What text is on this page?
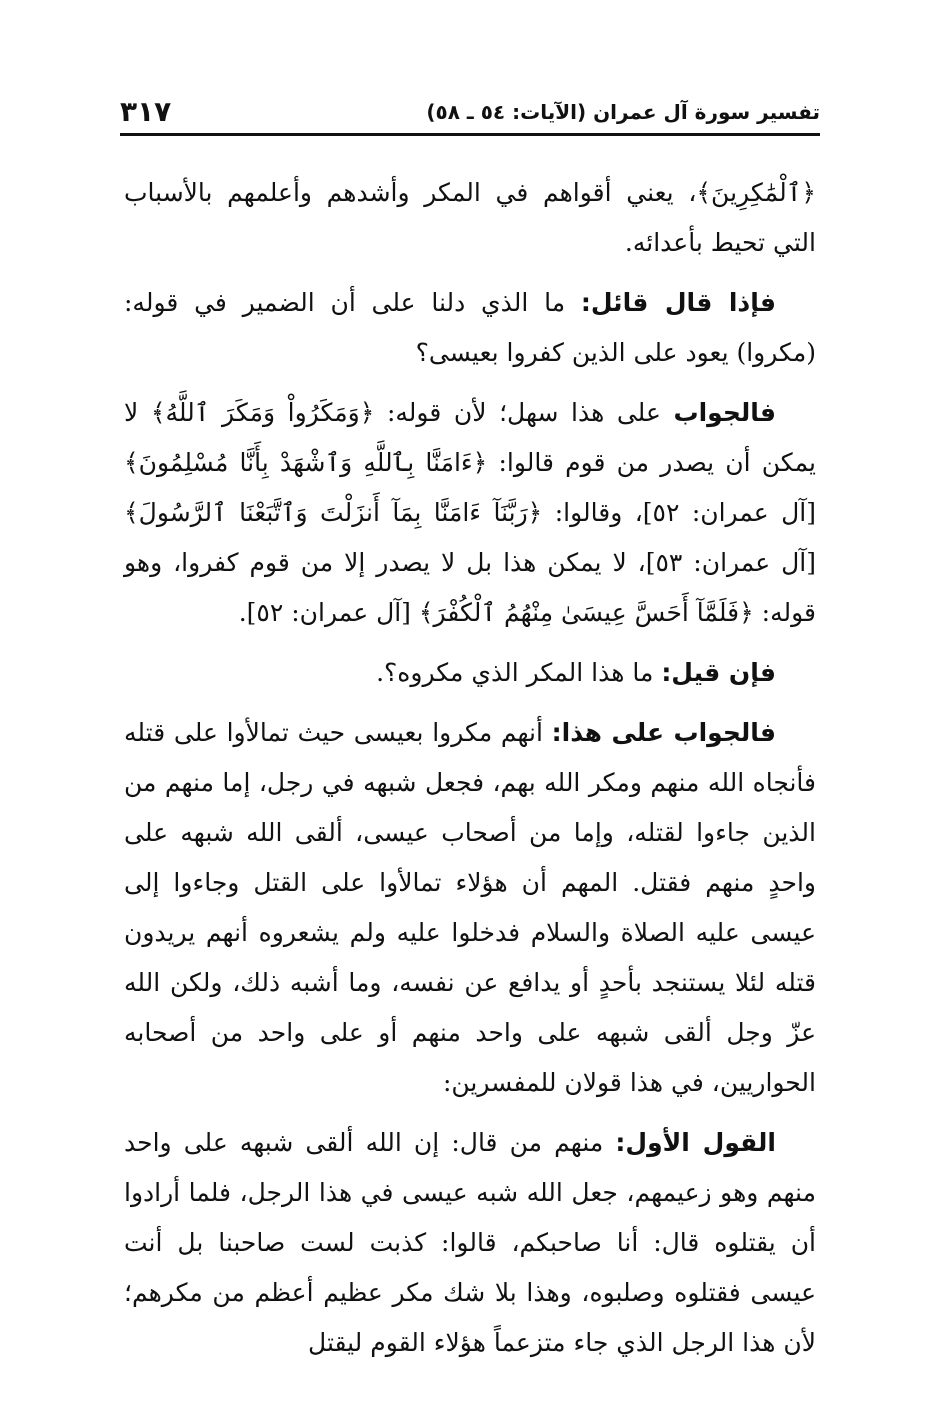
تفسير سورة آل عمران (الآيات: ٥٤ ـ ٥٨)
٣١٧

﴿ٱلْمَٰكِرِينَ﴾، يعني أقواهم في المكر وأشدهم وأعلمهم بالأسباب التي تحيط بأعدائه.

فإذا قال قائل: ما الذي دلنا على أن الضمير في قوله: (مكروا) يعود على الذين كفروا بعيسى؟

فالجواب على هذا سهل؛ لأن قوله: ﴿وَمَكَرُواْ وَمَكَرَ ٱللَّهُ﴾ لا يمكن أن يصدر من قوم قالوا: ﴿ءَامَنَّا بِٱللَّهِ وَٱشْهَدْ بِأَنَّا مُسْلِمُونَ﴾ [آل عمران: ٥٢]، وقالوا: ﴿رَبَّنَآ ءَامَنَّا بِمَآ أَنزَلْتَ وَٱتَّبَعْنَا ٱلرَّسُولَ﴾ [آل عمران: ٥٣]، لا يمكن هذا بل لا يصدر إلا من قوم كفروا، وهو قوله: ﴿فَلَمَّآ أَحَسَّ عِيسَىٰ مِنْهُمُ ٱلْكُفْرَ﴾ [آل عمران: ٥٢].

فإن قيل: ما هذا المكر الذي مكروه؟.

فالجواب على هذا: أنهم مكروا بعيسى حيث تمالأوا على قتله فأنجاه الله منهم ومكر الله بهم، فجعل شبهه في رجل، إما منهم من الذين جاءوا لقتله، وإما من أصحاب عيسى، ألقى الله شبهه على واحدٍ منهم فقتل. المهم أن هؤلاء تمالأوا على القتل وجاءوا إلى عيسى عليه الصلاة والسلام فدخلوا عليه ولم يشعروه أنهم يريدون قتله لئلا يستنجد بأحدٍ أو يدافع عن نفسه، وما أشبه ذلك، ولكن الله عزّ وجل ألقى شبهه على واحد منهم أو على واحد من أصحابه الحواريين، في هذا قولان للمفسرين:

القول الأول: منهم من قال: إن الله ألقى شبهه على واحد منهم وهو زعيمهم، جعل الله شبه عيسى في هذا الرجل، فلما أرادوا أن يقتلوه قال: أنا صاحبكم، قالوا: كذبت لست صاحبنا بل أنت عيسى فقتلوه وصلبوه، وهذا بلا شك مكر عظيم أعظم من مكرهم؛ لأن هذا الرجل الذي جاء متزعماً هؤلاء القوم ليقتل
